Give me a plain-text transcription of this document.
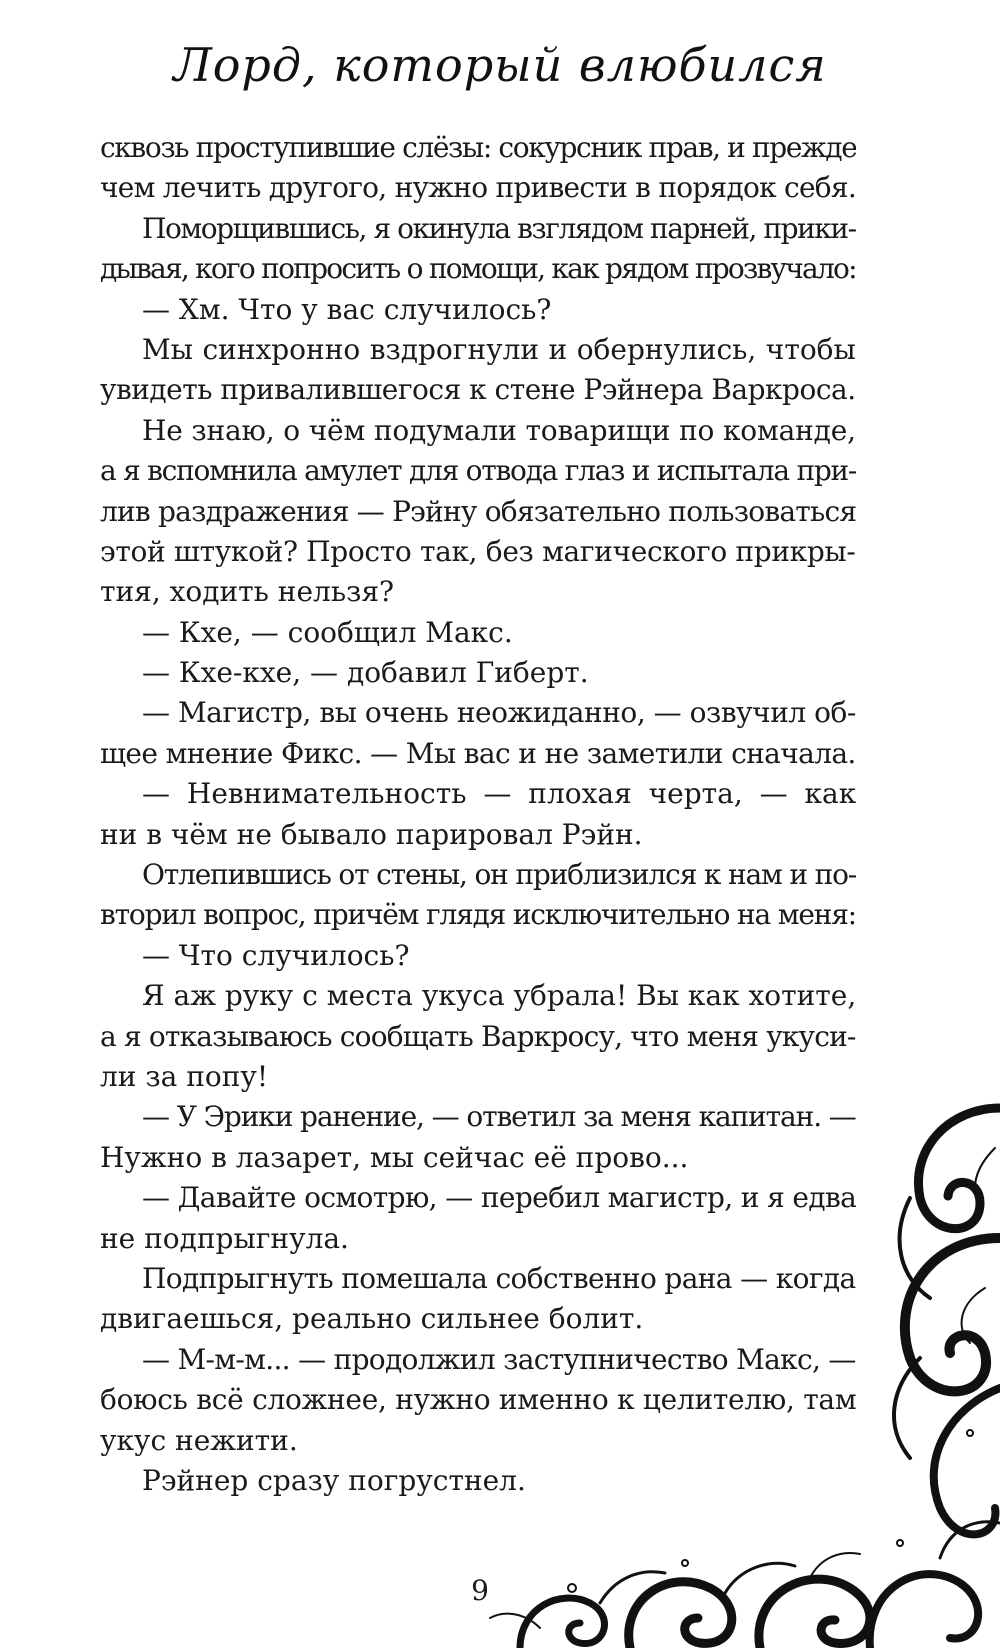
Лорд, который влюбился
сквозь проступившие слёзы: сокурсник прав, и прежде
чем лечить другого, нужно привести в порядок себя.
Поморщившись, я окинула взглядом парней, прики-
дывая, кого попросить о помощи, как рядом прозвучало:
— Хм. Что у вас случилось?
Мы синхронно вздрогнули и обернулись, чтобы
увидеть привалившегося к стене Рэйнера Варкроса.
Не знаю, о чём подумали товарищи по команде,
а я вспомнила амулет для отвода глаз и испытала при-
лив раздражения — Рэйну обязательно пользоваться
этой штукой? Просто так, без магического прикры-
тия, ходить нельзя?
— Кхе, — сообщил Макс.
— Кхе-кхе, — добавил Гиберт.
— Магистр, вы очень неожиданно, — озвучил об-
щее мнение Фикс. — Мы вас и не заметили сначала.
— Невнимательность — плохая черта, — как
ни в чём не бывало парировал Рэйн.
Отлепившись от стены, он приблизился к нам и по-
вторил вопрос, причём глядя исключительно на меня:
— Что случилось?
Я аж руку с места укуса убрала! Вы как хотите,
а я отказываюсь сообщать Варкросу, что меня укуси-
ли за попу!
— У Эрики ранение, — ответил за меня капитан. —
Нужно в лазарет, мы сейчас её прово...
— Давайте осмотрю, — перебил магистр, и я едва
не подпрыгнула.
Подпрыгнуть помешала собственно рана — когда
двигаешься, реально сильнее болит.
— М-м-м... — продолжил заступничество Макс, —
боюсь всё сложнее, нужно именно к целителю, там
укус нежити.
Рэйнер сразу погрустнел.
9
